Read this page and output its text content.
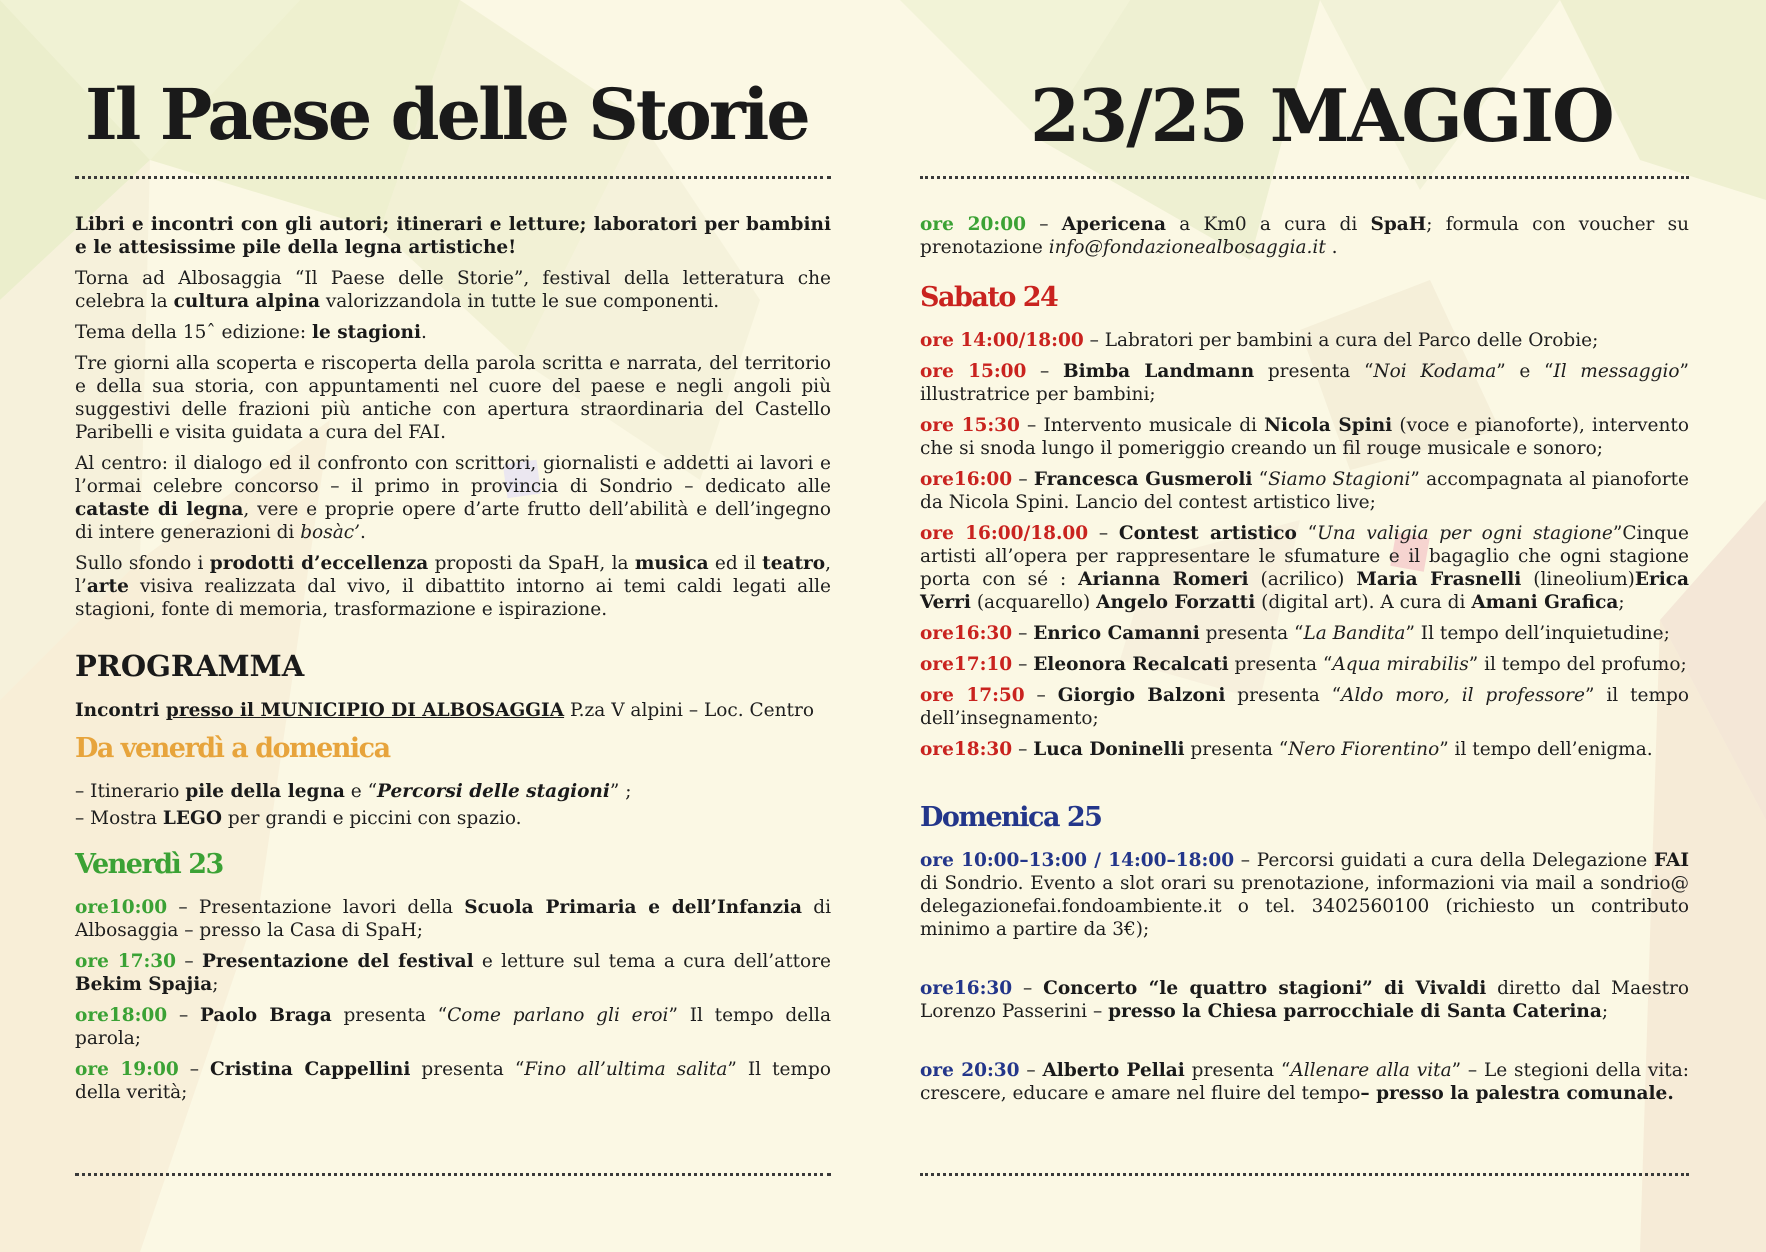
Il Paese delle Storie

Libri e incontri con gli autori; itinerari e letture; laboratori per bambini e le attesissime pile della legna artistiche!

Torna ad Albosaggia “Il Paese delle Storie”, festival della letteratura che celebra la cultura alpina valorizzandola in tutte le sue componenti.

Tema della 15ˆ edizione: le stagioni.

Tre giorni alla scoperta e riscoperta della parola scritta e narrata, del territorio e della sua storia, con appuntamenti nel cuore del paese e negli angoli più suggestivi delle frazioni più antiche con apertura straordinaria del Castello Paribelli e visita guidata a cura del FAI.

Al centro: il dialogo ed il confronto con scrittori, giornalisti e addetti ai lavori e l’ormai celebre concorso – il primo in provincia di Sondrio – dedicato alle cataste di legna, vere e proprie opere d’arte frutto dell’abilità e dell’ingegno di intere generazioni di bosàc’.

Sullo sfondo i prodotti d’eccellenza proposti da SpaH, la musica ed il teatro, l’arte visiva realizzata dal vivo, il dibattito intorno ai temi caldi legati alle stagioni, fonte di memoria, trasformazione e ispirazione.

PROGRAMMA

Incontri presso il MUNICIPIO DI ALBOSAGGIA P.za V alpini – Loc. Centro

Da venerdì a domenica

– Itinerario pile della legna e “Percorsi delle stagioni” ;

– Mostra LEGO per grandi e piccini con spazio.

Venerdì 23

ore10:00 – Presentazione lavori della Scuola Primaria e dell’Infanzia di Albosaggia – presso la Casa di SpaH;

ore 17:30 – Presentazione del festival e letture sul tema a cura dell’attore Bekim Spajia;

ore18:00 – Paolo Braga presenta “Come parlano gli eroi” Il tempo della parola;

ore 19:00 – Cristina Cappellini presenta “Fino all’ultima salita” Il tempo della verità;

23/25 MAGGIO

ore 20:00 – Apericena a Km0 a cura di SpaH; formula con voucher su prenotazione info@fondazionealbosaggia.it .

Sabato 24

ore 14:00/18:00 – Labratori per bambini a cura del Parco delle Orobie;

ore 15:00 – Bimba Landmann presenta “Noi Kodama” e “Il messaggio” illustratrice per bambini;

ore 15:30 – Intervento musicale di Nicola Spini (voce e pianoforte), intervento che si snoda lungo il pomeriggio creando un fil rouge musicale e sonoro;

ore16:00 – Francesca Gusmeroli “Siamo Stagioni” accompagnata al pianoforte da Nicola Spini. Lancio del contest artistico live;

ore 16:00/18.00 – Contest artistico “Una valigia per ogni stagione”Cinque artisti all’opera per rappresentare le sfumature e il bagaglio che ogni stagione porta con sé : Arianna Romeri (acrilico) Maria Frasnelli (lineolium)Erica Verri (acquarello) Angelo Forzatti (digital art). A cura di Amani Grafica;

ore16:30 – Enrico Camanni presenta “La Bandita” Il tempo dell’inquietudine;

ore17:10 – Eleonora Recalcati presenta “Aqua mirabilis” il tempo del profumo;

ore 17:50 – Giorgio Balzoni presenta “Aldo moro, il professore” il tempo dell’insegnamento;

ore18:30 – Luca Doninelli presenta “Nero Fiorentino” il tempo dell’enigma.

Domenica 25

ore 10:00–13:00 / 14:00–18:00 – Percorsi guidati a cura della Delegazione FAI di Sondrio. Evento a slot orari su prenotazione, informazioni via mail a sondrio@ delegazionefai.fondoambiente.it o tel. 3402560100 (richiesto un contributo minimo a partire da 3€);

ore16:30 – Concerto “le quattro stagioni” di Vivaldi diretto dal Maestro Lorenzo Passerini – presso la Chiesa parrocchiale di Santa Caterina;

ore 20:30 – Alberto Pellai presenta “Allenare alla vita” – Le stegioni della vita: crescere, educare e amare nel fluire del tempo– presso la palestra comunale.
